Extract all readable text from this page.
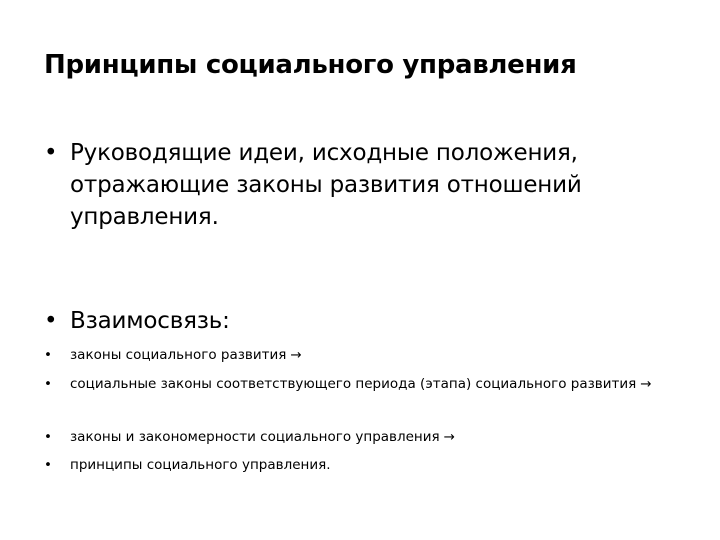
Принципы социального управления
• Руководящие идеи, исходные положения, отражающие законы развития отношений управления.
• Взаимосвязь:
•	законы социального развития →
•	социальные законы соответствующего периода (этапа) социального развития →
•	законы и закономерности социального управления →
•	принципы социального управления.
